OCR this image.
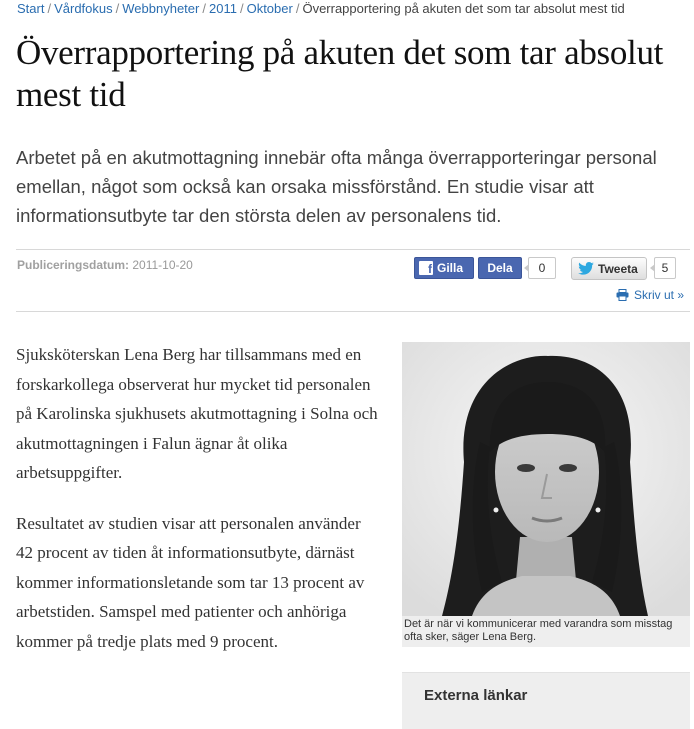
Start / Vårdfokus / Webbnyheter / 2011 / Oktober / Överrapportering på akuten det som tar absolut mest tid
Överrapportering på akuten det som tar absolut mest tid

Arbetet på en akutmottagning innebär ofta många överrapporteringar personal emellan, något som också kan orsaka missförstånd. En studie visar att informationsutbyte tar den största delen av personalens tid.

Publiceringsdatum: 2011-10-20	f Gilla	Dela	0	Tweeta	5
Skriv ut »

Sjuksköterskan Lena Berg har tillsammans med en forskarkollega observerat hur mycket tid personalen på Karolinska sjukhusets akutmottagning i Solna och akutmottagningen i Falun ägnar åt olika arbetsuppgifter.

Resultatet av studien visar att personalen använder 42 procent av tiden åt informationsutbyte, därnäst kommer informationsletande som tar 13 procent av arbetstiden. Samspel med patienter och anhöriga kommer på tredje plats med 9 procent.

Det är när vi kommunicerar med varandra som misstag ofta sker, säger Lena Berg.
Externa länkar
